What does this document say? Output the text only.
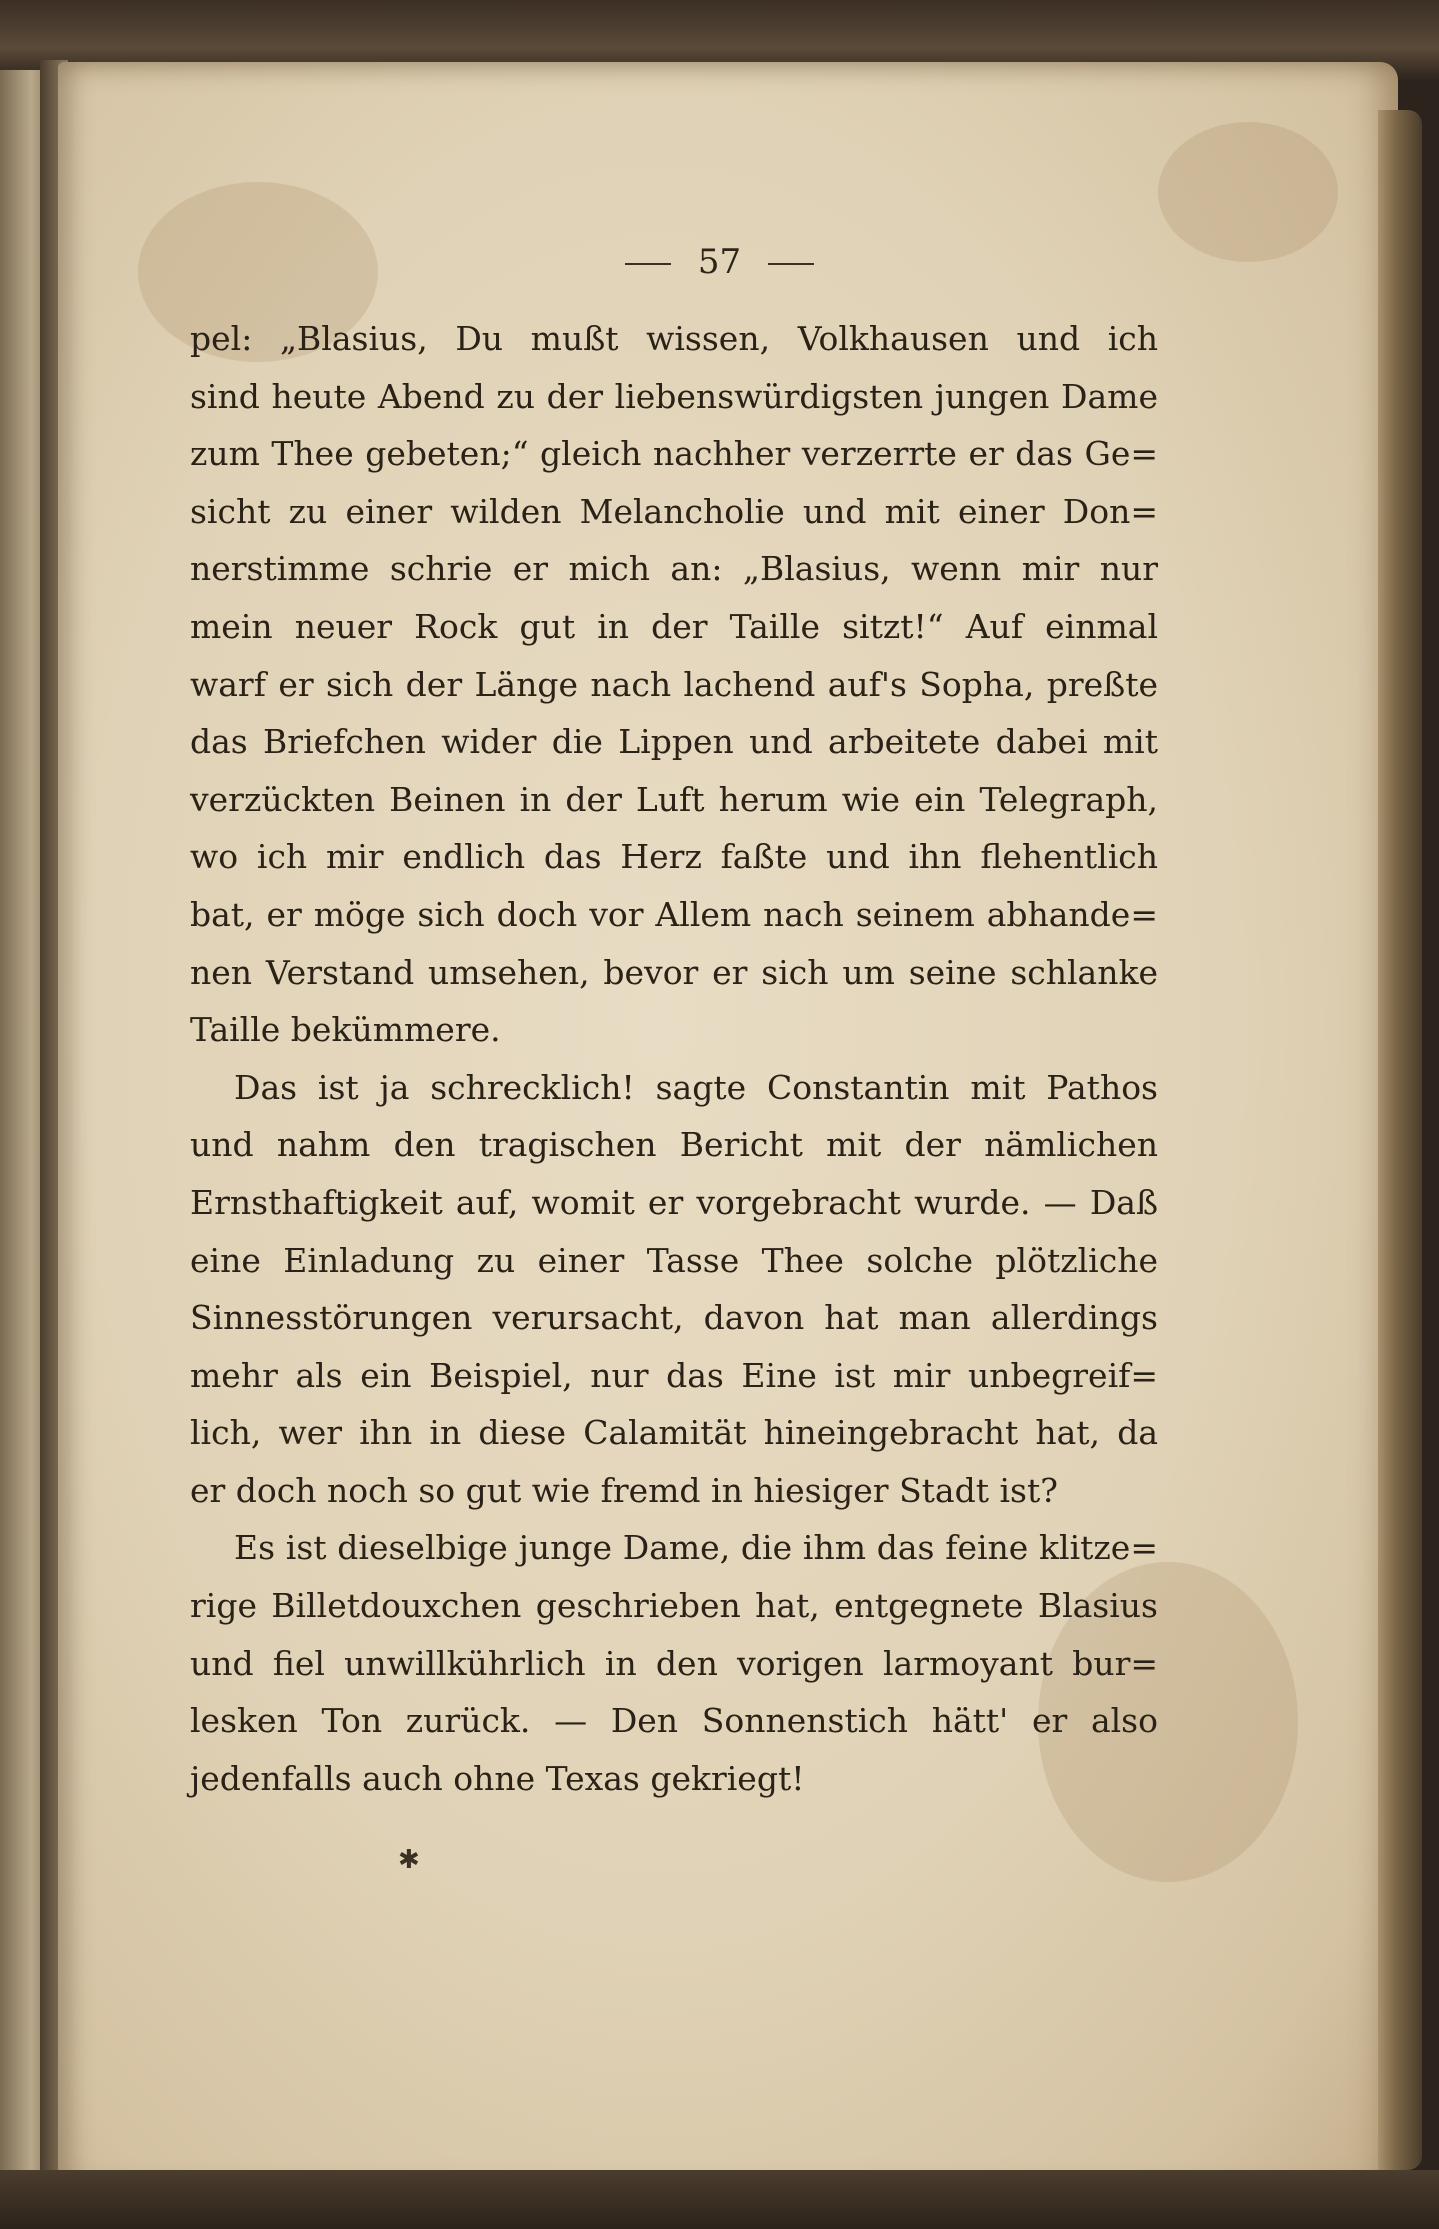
57
pel: „Blasius, Du mußt wissen, Volkhausen und ich
sind heute Abend zu der liebenswürdigsten jungen Dame
zum Thee gebeten;“ gleich nachher verzerrte er das Ge=
sicht zu einer wilden Melancholie und mit einer Don=
nerstimme schrie er mich an: „Blasius, wenn mir nur
mein neuer Rock gut in der Taille sitzt!“ Auf einmal
warf er sich der Länge nach lachend auf's Sopha, preßte
das Briefchen wider die Lippen und arbeitete dabei mit
verzückten Beinen in der Luft herum wie ein Telegraph,
wo ich mir endlich das Herz faßte und ihn flehentlich
bat, er möge sich doch vor Allem nach seinem abhande=
nen Verstand umsehen, bevor er sich um seine schlanke
Taille bekümmere.
Das ist ja schrecklich! sagte Constantin mit Pathos
und nahm den tragischen Bericht mit der nämlichen
Ernsthaftigkeit auf, womit er vorgebracht wurde. — Daß
eine Einladung zu einer Tasse Thee solche plötzliche
Sinnesstörungen verursacht, davon hat man allerdings
mehr als ein Beispiel, nur das Eine ist mir unbegreif=
lich, wer ihn in diese Calamität hineingebracht hat, da
er doch noch so gut wie fremd in hiesiger Stadt ist?
Es ist dieselbige junge Dame, die ihm das feine klitze=
rige Billetdouxchen geschrieben hat, entgegnete Blasius
und fiel unwillkührlich in den vorigen larmoyant bur=
lesken Ton zurück. — Den Sonnenstich hätt' er also
jedenfalls auch ohne Texas gekriegt!
✱
